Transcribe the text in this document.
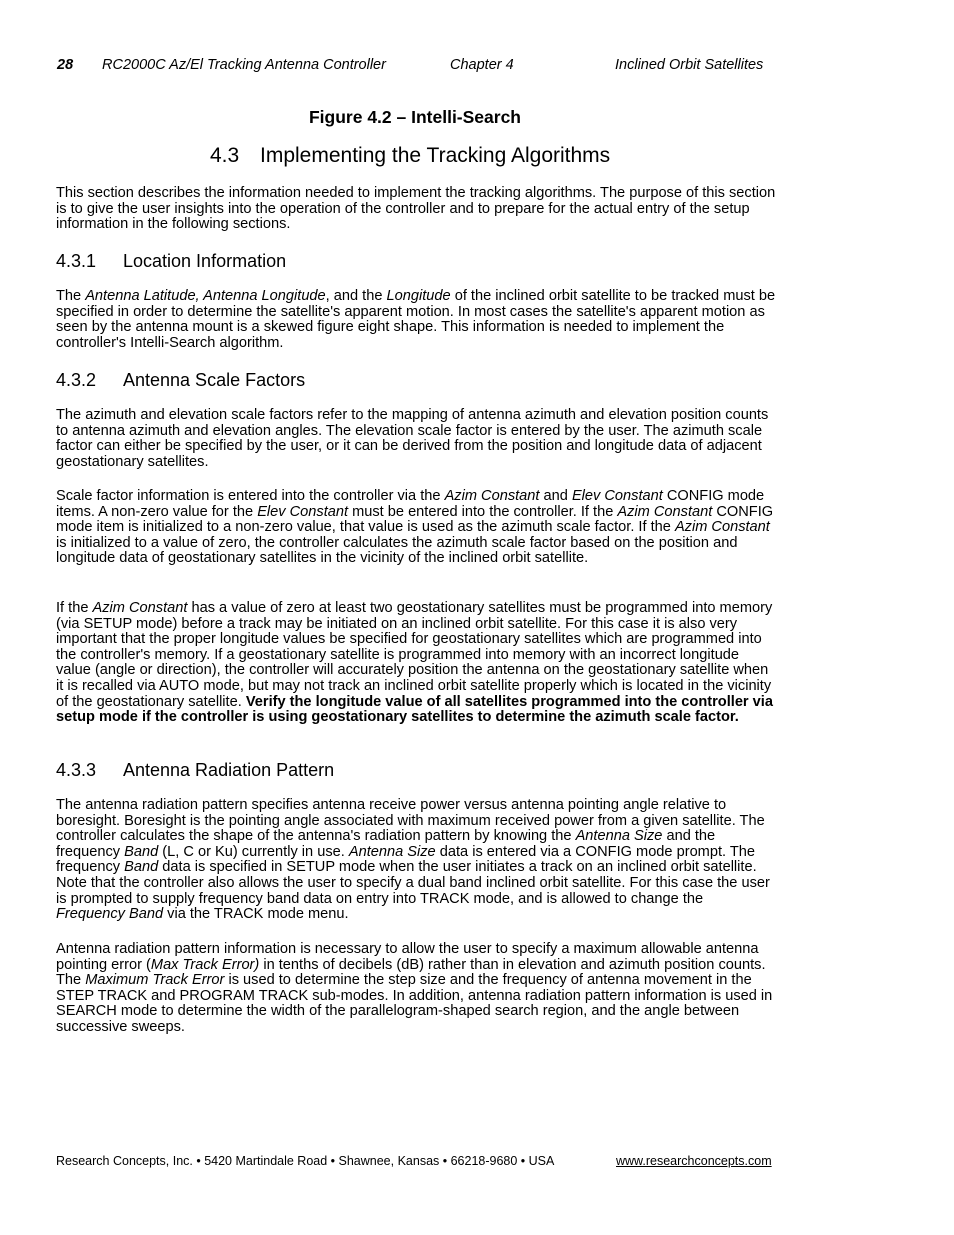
28 RC2000C Az/El Tracking Antenna Controller	Chapter 4	Inclined Orbit Satellites
Figure 4.2 – Intelli-Search
4.3 Implementing the Tracking Algorithms

This section describes the information needed to implement the tracking algorithms. The purpose of this section is to give the user insights into the operation of the controller and to prepare for the actual entry of the setup information in the following sections.

4.3.1 Location Information

The Antenna Latitude, Antenna Longitude, and the Longitude of the inclined orbit satellite to be tracked must be specified in order to determine the satellite's apparent motion. In most cases the satellite's apparent motion as seen by the antenna mount is a skewed figure eight shape. This information is needed to implement the controller's Intelli-Search algorithm.

4.3.2 Antenna Scale Factors

The azimuth and elevation scale factors refer to the mapping of antenna azimuth and elevation position counts to antenna azimuth and elevation angles. The elevation scale factor is entered by the user. The azimuth scale factor can either be specified by the user, or it can be derived from the position and longitude data of adjacent geostationary satellites.

Scale factor information is entered into the controller via the Azim Constant and Elev Constant CONFIG mode items. A non-zero value for the Elev Constant must be entered into the controller. If the Azim Constant CONFIG mode item is initialized to a non-zero value, that value is used as the azimuth scale factor. If the Azim Constant is initialized to a value of zero, the controller calculates the azimuth scale factor based on the position and longitude data of geostationary satellites in the vicinity of the inclined orbit satellite.

If the Azim Constant has a value of zero at least two geostationary satellites must be programmed into memory (via SETUP mode) before a track may be initiated on an inclined orbit satellite. For this case it is also very important that the proper longitude values be specified for geostationary satellites which are programmed into the controller's memory. If a geostationary satellite is programmed into memory with an incorrect longitude value (angle or direction), the controller will accurately position the antenna on the geostationary satellite when it is recalled via AUTO mode, but may not track an inclined orbit satellite properly which is located in the vicinity of the geostationary satellite. Verify the longitude value of all satellites programmed into the controller via setup mode if the controller is using geostationary satellites to determine the azimuth scale factor.

4.3.3 Antenna Radiation Pattern

The antenna radiation pattern specifies antenna receive power versus antenna pointing angle relative to boresight. Boresight is the pointing angle associated with maximum received power from a given satellite. The controller calculates the shape of the antenna's radiation pattern by knowing the Antenna Size and the frequency Band (L, C or Ku) currently in use. Antenna Size data is entered via a CONFIG mode prompt. The frequency Band data is specified in SETUP mode when the user initiates a track on an inclined orbit satellite. Note that the controller also allows the user to specify a dual band inclined orbit satellite. For this case the user is prompted to supply frequency band data on entry into TRACK mode, and is allowed to change the Frequency Band via the TRACK mode menu.

Antenna radiation pattern information is necessary to allow the user to specify a maximum allowable antenna pointing error (Max Track Error) in tenths of decibels (dB) rather than in elevation and azimuth position counts. The Maximum Track Error is used to determine the step size and the frequency of antenna movement in the STEP TRACK and PROGRAM TRACK sub-modes. In addition, antenna radiation pattern information is used in SEARCH mode to determine the width of the parallelogram-shaped search region, and the angle between successive sweeps.

Research Concepts, Inc. • 5420 Martindale Road • Shawnee, Kansas • 66218-9680 • USA	www.researchconcepts.com
